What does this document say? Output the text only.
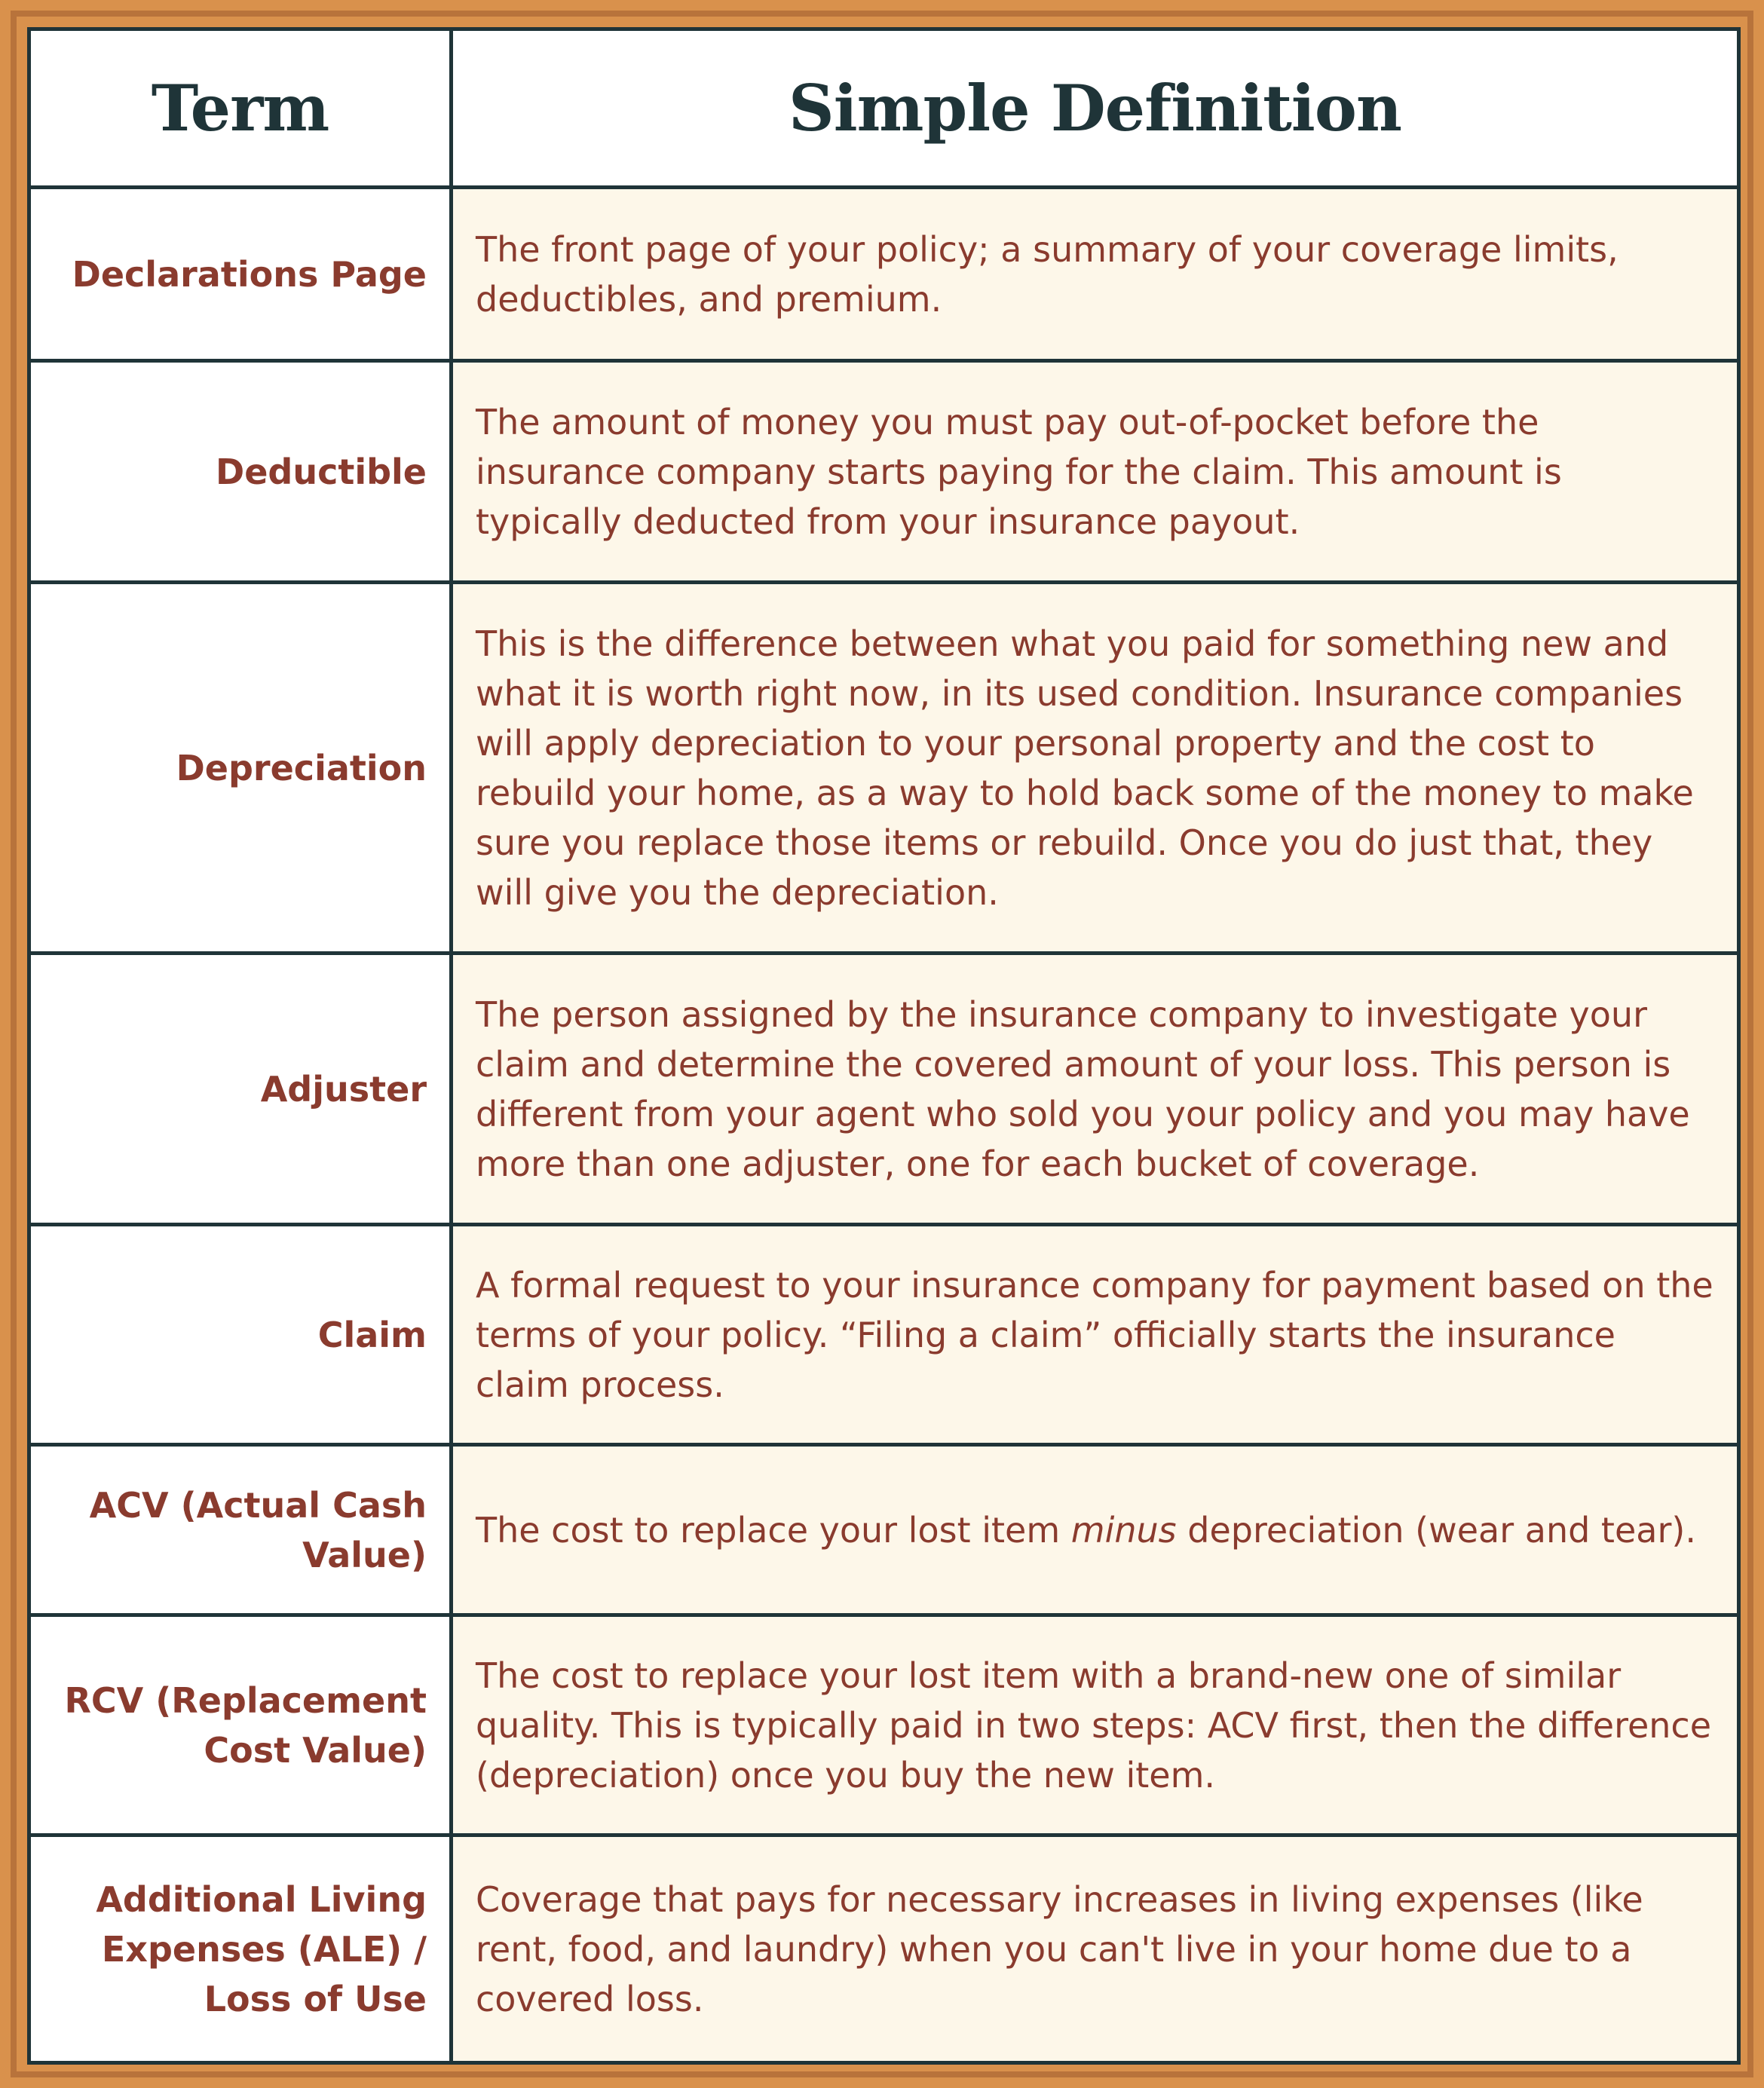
Term	Simple Definition
Declarations Page	The front page of your policy; a summary of your coverage limits, deductibles, and premium.
Deductible	The amount of money you must pay out-of-pocket before the insurance company starts paying for the claim. This amount is typically deducted from your insurance payout.
Depreciation	This is the difference between what you paid for something new and what it is worth right now, in its used condition. Insurance companies will apply depreciation to your personal property and the cost to rebuild your home, as a way to hold back some of the money to make sure you replace those items or rebuild. Once you do just that, they will give you the depreciation.
Adjuster	The person assigned by the insurance company to investigate your claim and determine the covered amount of your loss. This person is different from your agent who sold you your policy and you may have more than one adjuster, one for each bucket of coverage.
Claim	A formal request to your insurance company for payment based on the terms of your policy. “Filing a claim” officially starts the insurance claim process.
ACV (Actual Cash Value)	The cost to replace your lost item minus depreciation (wear and tear).
RCV (Replacement Cost Value)	The cost to replace your lost item with a brand-new one of similar quality. This is typically paid in two steps: ACV first, then the difference (depreciation) once you buy the new item.
Additional Living Expenses (ALE) / Loss of Use	Coverage that pays for necessary increases in living expenses (like rent, food, and laundry) when you can't live in your home due to a covered loss.
